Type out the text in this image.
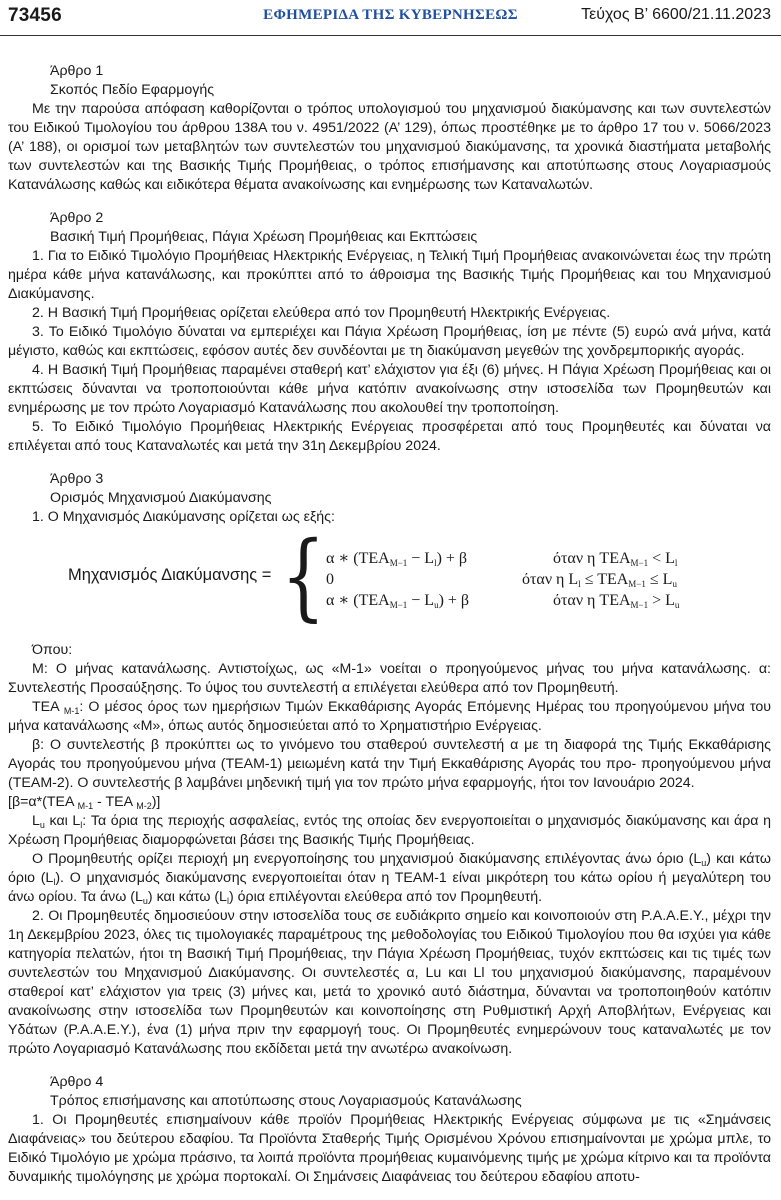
73456	ΕΦΗΜΕΡΙΔΑ ΤΗΣ ΚΥΒΕΡΝΗΣΕΩΣ	Τεύχος Β’ 6600/21.11.2023

Άρθρο 1

Σκοπός Πεδίο Εφαρμογής

Με την παρούσα απόφαση καθορίζονται ο τρόπος υπολογισμού του μηχανισμού διακύμανσης και των συντελεστών του Ειδικού Τιμολογίου του άρθρου 138Α του ν. 4951/2022 (Α’ 129), όπως προστέθηκε με το άρθρο 17 του ν. 5066/2023 (Α’ 188), οι ορισμοί των μεταβλητών των συντελεστών του μηχανισμού διακύμανσης, τα χρονικά διαστήματα μεταβολής των συντελεστών και της Βασικής Τιμής Προμήθειας, ο τρόπος επισήμανσης και αποτύπωσης στους Λογαριασμούς Κατανάλωσης καθώς και ειδικότερα θέματα ανακοίνωσης και ενημέρωσης των Καταναλωτών.

Άρθρο 2

Βασική Τιμή Προμήθειας, Πάγια Χρέωση Προμήθειας και Εκπτώσεις

1. Για το Ειδικό Τιμολόγιο Προμήθειας Ηλεκτρικής Ενέργειας, η Τελική Τιμή Προμήθειας ανακοινώνεται έως την πρώτη ημέρα κάθε μήνα κατανάλωσης, και προκύπτει από το άθροισμα της Βασικής Τιμής Προμήθειας και του Μηχανισμού Διακύμανσης.

2. Η Βασική Τιμή Προμήθειας ορίζεται ελεύθερα από τον Προμηθευτή Ηλεκτρικής Ενέργειας.

3. Το Ειδικό Τιμολόγιο δύναται να εμπεριέχει και Πάγια Χρέωση Προμήθειας, ίση με πέντε (5) ευρώ ανά μήνα, κατά μέγιστο, καθώς και εκπτώσεις, εφόσον αυτές δεν συνδέονται με τη διακύμανση μεγεθών της χονδρεμπορικής αγοράς.

4. Η Βασική Τιμή Προμήθειας παραμένει σταθερή κατ’ ελάχιστον για έξι (6) μήνες. Η Πάγια Χρέωση Προμήθειας και οι εκπτώσεις δύνανται να τροποποιούνται κάθε μήνα κατόπιν ανακοίνωσης στην ιστοσελίδα των Προμηθευτών και ενημέρωσης με τον πρώτο Λογαριασμό Κατανάλωσης που ακολουθεί την τροποποίηση.

5. Το Ειδικό Τιμολόγιο Προμήθειας Ηλεκτρικής Ενέργειας προσφέρεται από τους Προμηθευτές και δύναται να επιλέγεται από τους Καταναλωτές και μετά την 31η Δεκεμβρίου 2024.

Άρθρο 3

Ορισμός Μηχανισμού Διακύμανσης

1. Ο Μηχανισμός Διακύμανσης ορίζεται ως εξής:

Μηχανισμός Διακύμανσης = { α ∗ $(TEA_{M-1} - L_l) + \beta$	όταν η $TEA_{M-1} < L_l$
0	όταν η $L_l \le TEA_{M-1} \le L_u$
α ∗ $(TEA_{M-1} - L_u) + \beta$	όταν η $TEA_{M-1} > L_u$

Όπου:

Μ: Ο μήνας κατανάλωσης. Αντιστοίχως, ως «Μ-1» νοείται ο προηγούμενος μήνας του μήνα κατανάλωσης. α: Συντελεστής Προσαύξησης. Το ύψος του συντελεστή α επιλέγεται ελεύθερα από τον Προμηθευτή.

ΤΕΑ $_{M-1}$: Ο μέσος όρος των ημερήσιων Τιμών Εκκαθάρισης Αγοράς Επόμενης Ημέρας του προηγούμενου μήνα του μήνα κατανάλωσης «Μ», όπως αυτός δημοσιεύεται από το Χρηματιστήριο Ενέργειας.

β: Ο συντελεστής β προκύπτει ως το γινόμενο του σταθερού συντελεστή α με τη διαφορά της Τιμής Εκκαθάρισης Αγοράς του προηγούμενου μήνα (ΤΕΑΜ-1) μειωμένη κατά την Τιμή Εκκαθάρισης Αγοράς του προ- προηγούμενου μήνα (ΤΕΑΜ-2). Ο συντελεστής β λαμβάνει μηδενική τιμή για τον πρώτο μήνα εφαρμογής, ήτοι τον Ιανουάριο 2024.

[β=α*(ΤΕΑ $_{M-1}$ - ΤΕΑ $_{M-2}$)]

$L_u$ και $L_l$: Τα όρια της περιοχής ασφαλείας, εντός της οποίας δεν ενεργοποιείται ο μηχανισμός διακύμανσης και άρα η Χρέωση Προμήθειας διαμορφώνεται βάσει της Βασικής Τιμής Προμήθειας.

Ο Προμηθευτής ορίζει περιοχή μη ενεργοποίησης του μηχανισμού διακύμανσης επιλέγοντας άνω όριο $(L_u)$ και κάτω όριο $(L_l)$. Ο μηχανισμός διακύμανσης ενεργοποιείται όταν η ΤΕΑΜ-1 είναι μικρότερη του κάτω ορίου ή μεγαλύτερη του άνω ορίου. Τα άνω $(L_u)$ και κάτω $(L_l)$ όρια επιλέγονται ελεύθερα από τον Προμηθευτή.

2. Οι Προμηθευτές δημοσιεύουν στην ιστοσελίδα τους σε ευδιάκριτο σημείο και κοινοποιούν στη Ρ.Α.Α.Ε.Υ., μέχρι την 1η Δεκεμβρίου 2023, όλες τις τιμολογιακές παραμέτρους της μεθοδολογίας του Ειδικού Τιμολογίου που θα ισχύει για κάθε κατηγορία πελατών, ήτοι τη Βασική Τιμή Προμήθειας, την Πάγια Χρέωση Προμήθειας, τυχόν εκπτώσεις και τις τιμές των συντελεστών του Μηχανισμού Διακύμανσης. Οι συντελεστές α, Lu και Ll του μηχανισμού διακύμανσης, παραμένουν σταθεροί κατ’ ελάχιστον για τρεις (3) μήνες και, μετά το χρονικό αυτό διάστημα, δύνανται να τροποποιηθούν κατόπιν ανακοίνωσης στην ιστοσελίδα των Προμηθευτών και κοινοποίησης στη Ρυθμιστική Αρχή Αποβλήτων, Ενέργειας και Υδάτων (Ρ.Α.Α.Ε.Υ.), ένα (1) μήνα πριν την εφαρμογή τους. Οι Προμηθευτές ενημερώνουν τους καταναλωτές με τον πρώτο Λογαριασμό Κατανάλωσης που εκδίδεται μετά την ανωτέρω ανακοίνωση.

Άρθρο 4

Τρόπος επισήμανσης και αποτύπωσης στους Λογαριασμούς Κατανάλωσης

1. Οι Προμηθευτές επισημαίνουν κάθε προϊόν Προμήθειας Ηλεκτρικής Ενέργειας σύμφωνα με τις «Σημάνσεις Διαφάνειας» του δεύτερου εδαφίου. Τα Προϊόντα Σταθερής Τιμής Ορισμένου Χρόνου επισημαίνονται με χρώμα μπλε, το Ειδικό Τιμολόγιο με χρώμα πράσινο, τα λοιπά προϊόντα προμήθειας κυμαινόμενης τιμής με χρώμα κίτρινο και τα προϊόντα δυναμικής τιμολόγησης με χρώμα πορτοκαλί. Οι Σημάνσεις Διαφάνειας του δεύτερου εδαφίου αποτυ-
